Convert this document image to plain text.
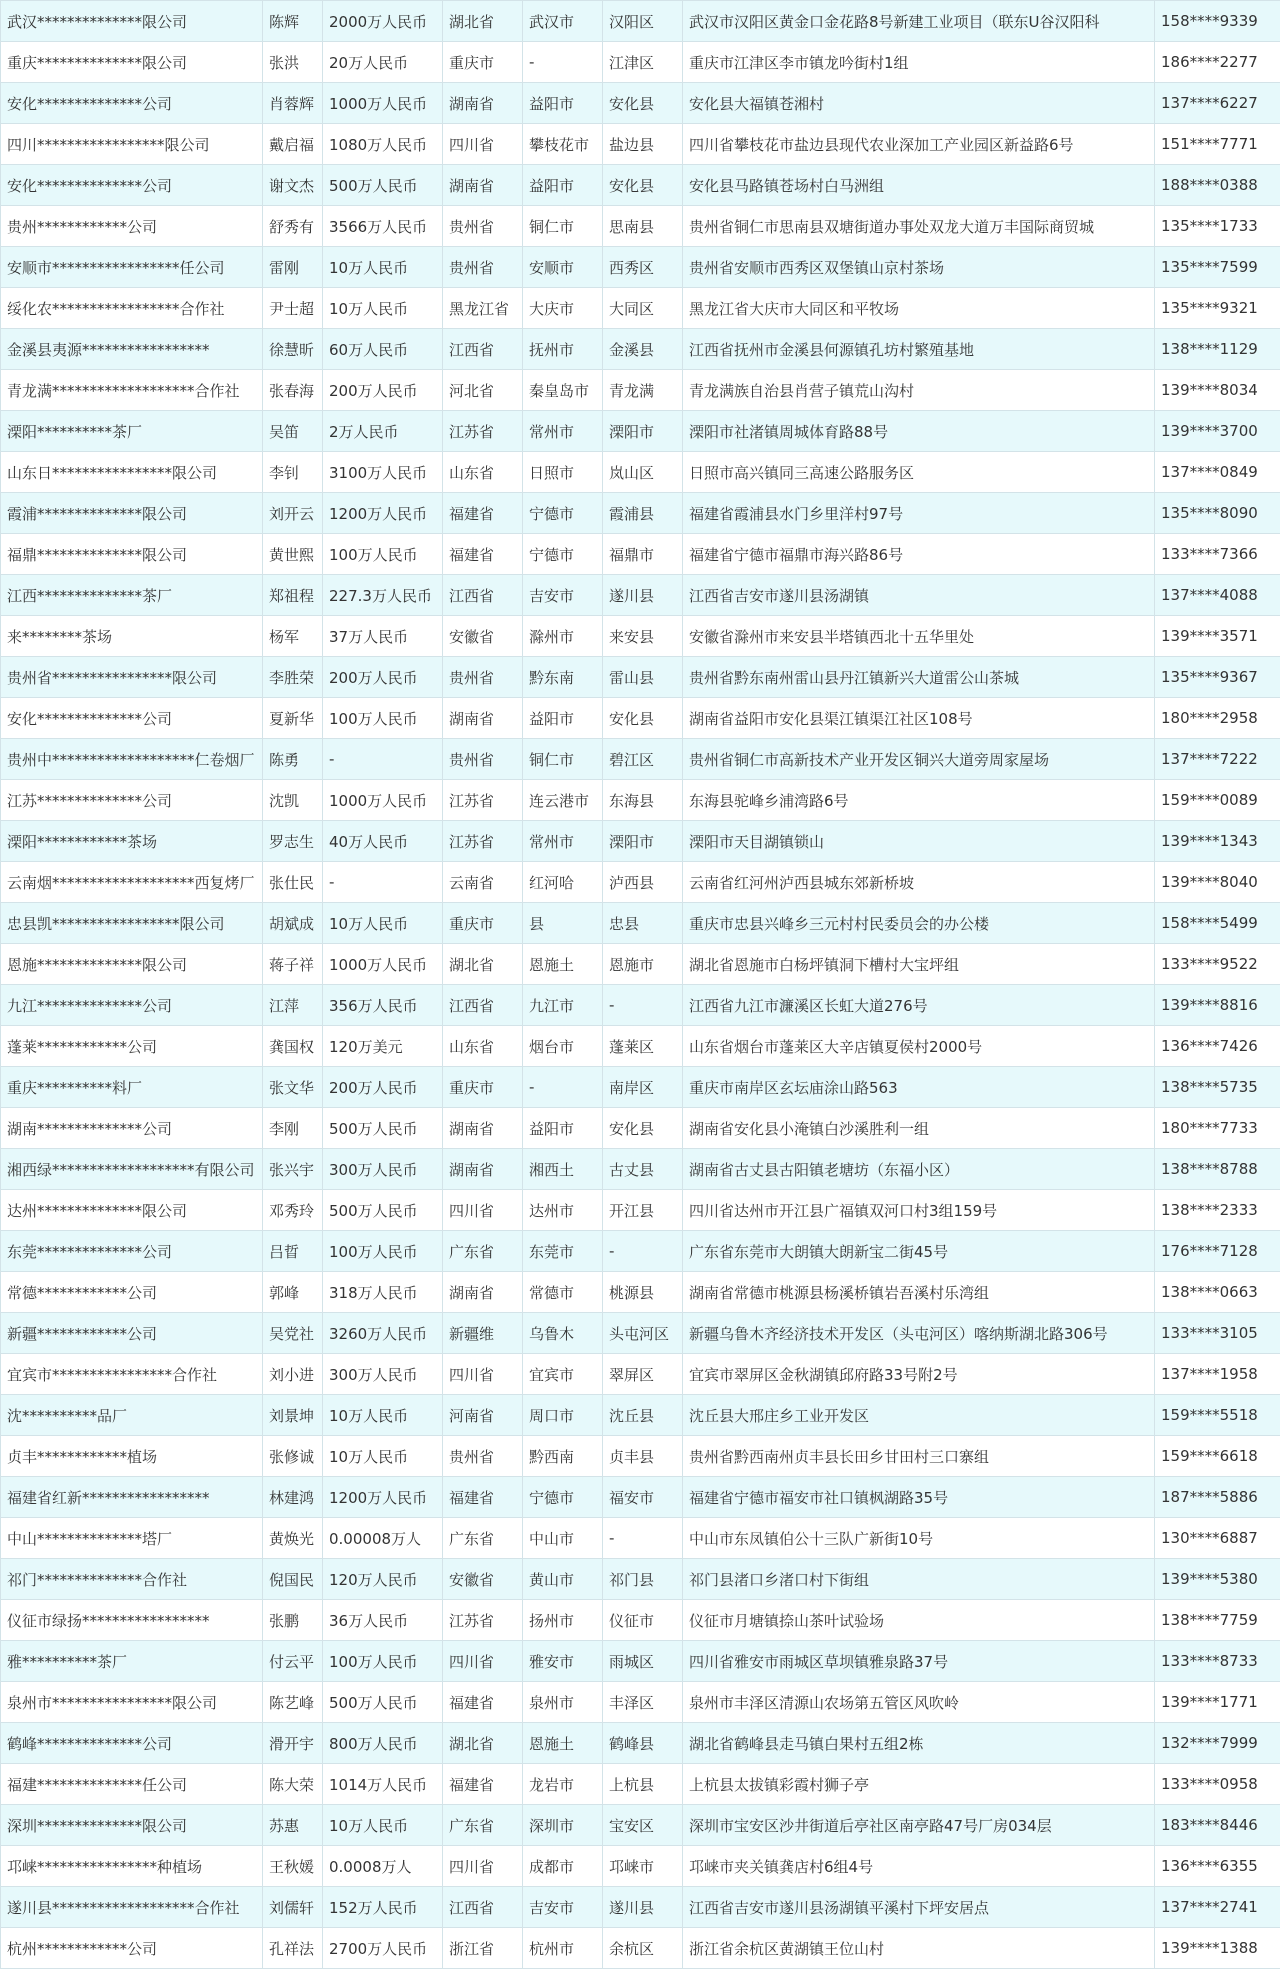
武汉**************限公司	陈辉	2000万人民币	湖北省	武汉市	汉阳区	武汉市汉阳区黄金口金花路8号新建工业项目（联东U谷汉阳科	158****9339
重庆**************限公司	张洪	20万人民币	重庆市	-	江津区	重庆市江津区李市镇龙吟街村1组	186****2277
安化**************公司	肖蓉辉	1000万人民币	湖南省	益阳市	安化县	安化县大福镇苍湘村	137****6227
四川*****************限公司	戴启福	1080万人民币	四川省	攀枝花市	盐边县	四川省攀枝花市盐边县现代农业深加工产业园区新益路6号	151****7771
安化**************公司	谢文杰	500万人民币	湖南省	益阳市	安化县	安化县马路镇苍场村白马洲组	188****0388
贵州************公司	舒秀有	3566万人民币	贵州省	铜仁市	思南县	贵州省铜仁市思南县双塘街道办事处双龙大道万丰国际商贸城	135****1733
安顺市*****************任公司	雷刚	10万人民币	贵州省	安顺市	西秀区	贵州省安顺市西秀区双堡镇山京村茶场	135****7599
绥化农*****************合作社	尹士超	10万人民币	黑龙江省	大庆市	大同区	黑龙江省大庆市大同区和平牧场	135****9321
金溪县夷源*****************	徐慧昕	60万人民币	江西省	抚州市	金溪县	江西省抚州市金溪县何源镇孔坊村繁殖基地	138****1129
青龙满*******************合作社	张春海	200万人民币	河北省	秦皇岛市	青龙满	青龙满族自治县肖营子镇荒山沟村	139****8034
溧阳**********茶厂	吴笛	2万人民币	江苏省	常州市	溧阳市	溧阳市社渚镇周城体育路88号	139****3700
山东日****************限公司	李钊	3100万人民币	山东省	日照市	岚山区	日照市高兴镇同三高速公路服务区	137****0849
霞浦**************限公司	刘开云	1200万人民币	福建省	宁德市	霞浦县	福建省霞浦县水门乡里洋村97号	135****8090
福鼎**************限公司	黄世熙	100万人民币	福建省	宁德市	福鼎市	福建省宁德市福鼎市海兴路86号	133****7366
江西**************茶厂	郑祖程	227.3万人民币	江西省	吉安市	遂川县	江西省吉安市遂川县汤湖镇	137****4088
来********茶场	杨军	37万人民币	安徽省	滁州市	来安县	安徽省滁州市来安县半塔镇西北十五华里处	139****3571
贵州省****************限公司	李胜荣	200万人民币	贵州省	黔东南	雷山县	贵州省黔东南州雷山县丹江镇新兴大道雷公山茶城	135****9367
安化**************公司	夏新华	100万人民币	湖南省	益阳市	安化县	湖南省益阳市安化县渠江镇渠江社区108号	180****2958
贵州中*******************仁卷烟厂	陈勇	-	贵州省	铜仁市	碧江区	贵州省铜仁市高新技术产业开发区铜兴大道旁周家屋场	137****7222
江苏**************公司	沈凯	1000万人民币	江苏省	连云港市	东海县	东海县驼峰乡浦湾路6号	159****0089
溧阳************茶场	罗志生	40万人民币	江苏省	常州市	溧阳市	溧阳市天目湖镇锁山	139****1343
云南烟*******************西复烤厂	张仕民	-	云南省	红河哈	泸西县	云南省红河州泸西县城东郊新桥坡	139****8040
忠县凯*****************限公司	胡斌成	10万人民币	重庆市	县	忠县	重庆市忠县兴峰乡三元村村民委员会的办公楼	158****5499
恩施**************限公司	蒋子祥	1000万人民币	湖北省	恩施土	恩施市	湖北省恩施市白杨坪镇洞下槽村大宝坪组	133****9522
九江**************公司	江萍	356万人民币	江西省	九江市	-	江西省九江市濂溪区长虹大道276号	139****8816
蓬莱************公司	龚国权	120万美元	山东省	烟台市	蓬莱区	山东省烟台市蓬莱区大辛店镇夏侯村2000号	136****7426
重庆**********料厂	张文华	200万人民币	重庆市	-	南岸区	重庆市南岸区玄坛庙涂山路563	138****5735
湖南**************公司	李刚	500万人民币	湖南省	益阳市	安化县	湖南省安化县小淹镇白沙溪胜利一组	180****7733
湘西绿*******************有限公司	张兴宇	300万人民币	湖南省	湘西土	古丈县	湖南省古丈县古阳镇老塘坊（东福小区）	138****8788
达州**************限公司	邓秀玲	500万人民币	四川省	达州市	开江县	四川省达州市开江县广福镇双河口村3组159号	138****2333
东莞**************公司	吕晢	100万人民币	广东省	东莞市	-	广东省东莞市大朗镇大朗新宝二街45号	176****7128
常德************公司	郭峰	318万人民币	湖南省	常德市	桃源县	湖南省常德市桃源县杨溪桥镇岩吾溪村乐湾组	138****0663
新疆************公司	吴党社	3260万人民币	新疆维	乌鲁木	头屯河区	新疆乌鲁木齐经济技术开发区（头屯河区）喀纳斯湖北路306号	133****3105
宜宾市****************合作社	刘小进	300万人民币	四川省	宜宾市	翠屏区	宜宾市翠屏区金秋湖镇邱府路33号附2号	137****1958
沈**********品厂	刘景坤	10万人民币	河南省	周口市	沈丘县	沈丘县大邢庄乡工业开发区	159****5518
贞丰************植场	张修诚	10万人民币	贵州省	黔西南	贞丰县	贵州省黔西南州贞丰县长田乡甘田村三口寨组	159****6618
福建省红新*****************	林建鸿	1200万人民币	福建省	宁德市	福安市	福建省宁德市福安市社口镇枫湖路35号	187****5886
中山**************塔厂	黄焕光	0.00008万人	广东省	中山市	-	中山市东凤镇伯公十三队广新街10号	130****6887
祁门**************合作社	倪国民	120万人民币	安徽省	黄山市	祁门县	祁门县渚口乡渚口村下街组	139****5380
仪征市绿扬*****************	张鹏	36万人民币	江苏省	扬州市	仪征市	仪征市月塘镇捺山茶叶试验场	138****7759
雅**********茶厂	付云平	100万人民币	四川省	雅安市	雨城区	四川省雅安市雨城区草坝镇雅泉路37号	133****8733
泉州市****************限公司	陈艺峰	500万人民币	福建省	泉州市	丰泽区	泉州市丰泽区清源山农场第五管区风吹岭	139****1771
鹤峰**************公司	滑开宇	800万人民币	湖北省	恩施土	鹤峰县	湖北省鹤峰县走马镇白果村五组2栋	132****7999
福建**************任公司	陈大荣	1014万人民币	福建省	龙岩市	上杭县	上杭县太拔镇彩霞村狮子亭	133****0958
深圳**************限公司	苏惠	10万人民币	广东省	深圳市	宝安区	深圳市宝安区沙井街道后亭社区南亭路47号厂房034层	183****8446
邛崃****************种植场	王秋媛	0.0008万人	四川省	成都市	邛崃市	邛崃市夹关镇龚店村6组4号	136****6355
遂川县*******************合作社	刘儒轩	152万人民币	江西省	吉安市	遂川县	江西省吉安市遂川县汤湖镇平溪村下坪安居点	137****2741
杭州************公司	孔祥法	2700万人民币	浙江省	杭州市	余杭区	浙江省余杭区黄湖镇王位山村	139****1388
